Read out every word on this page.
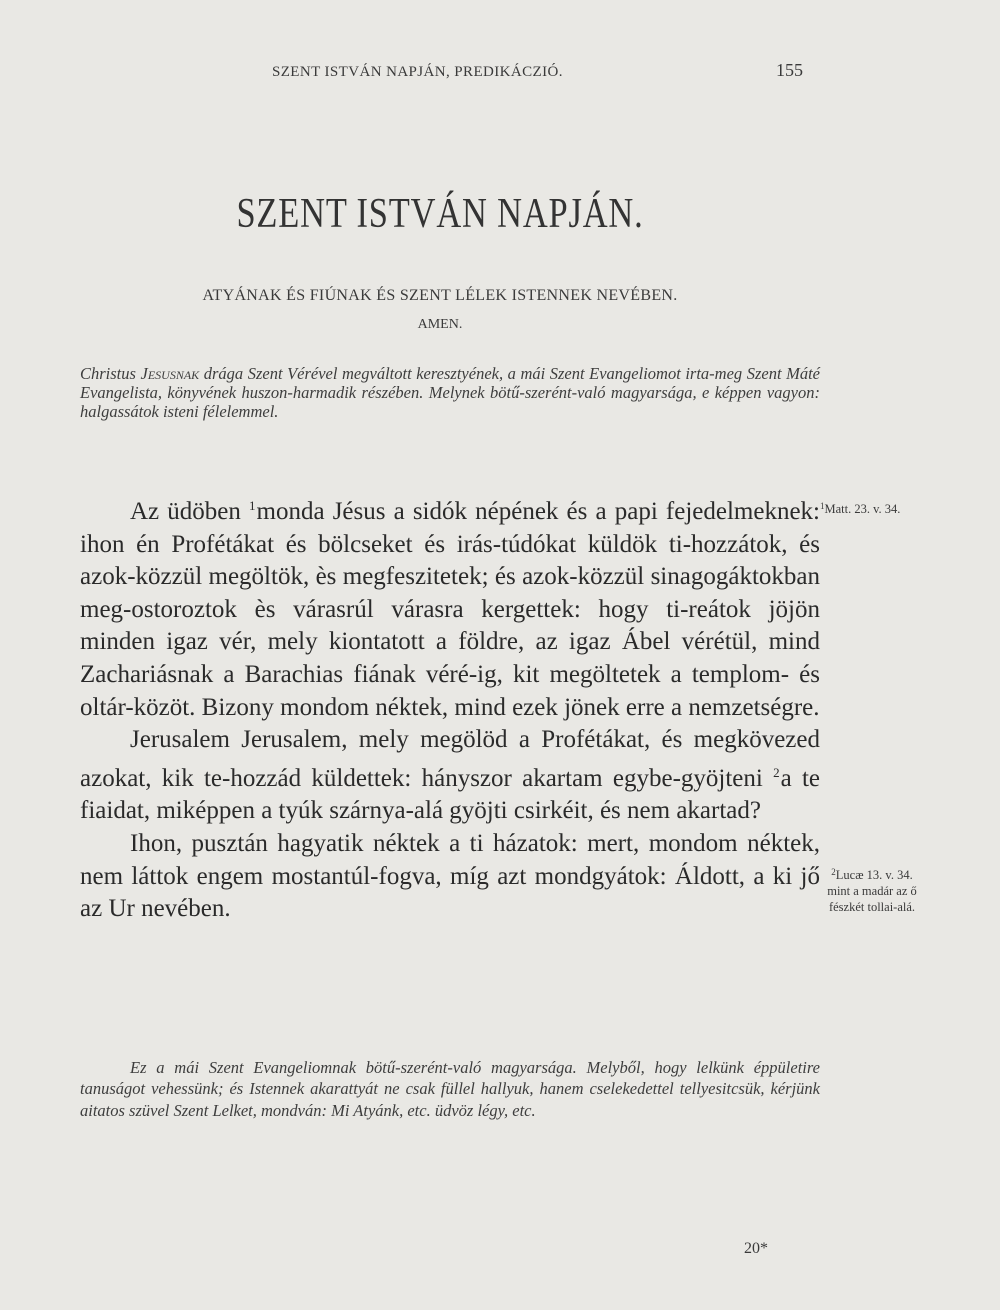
SZENT ISTVÁN NAPJÁN, PREDIKÁCZIÓ.	155
SZENT ISTVÁN NAPJÁN.
ATYÁNAK ÉS FIÚNAK ÉS SZENT LÉLEK ISTENNEK NEVÉBEN.
AMEN.
Christus Jesusnak drága Szent Vérével megváltott keresztyének, a mái Szent Evangeliomot irta-meg Szent Máté Evangelista, könyvének huszon-harmadik részében. Melynek bötű-szerént-való magyarsága, e képpen vagyon: halgassátok isteni félelemmel.

Az üdöben $^1$monda Jésus a sidók népének és a papi fejedelmeknek: ihon én Profétákat és bölcseket és irás-túdókat küldök ti-hozzátok, és azok-közzül megöltök, ès megfeszitetek; és azok-közzül sinagogáktokban meg-ostoroztok ès várasrúl várasra kergettek: hogy ti-reátok jöjön minden igaz vér, mely kiontatott a földre, az igaz Ábel vérétül, mind Zachariásnak a Barachias fiának véré-ig, kit megöltetek a templom- és oltár-közöt. Bizony mondom néktek, mind ezek jönek erre a nemzetségre.

Jerusalem Jerusalem, mely megölöd a Profétákat, és megkövezed azokat, kik te-hozzád küldettek: hányszor akartam egybe-gyöjteni $^2$a te fiaidat, miképpen a tyúk szárnya-alá gyöjti csirkéit, és nem akartad?

Ihon, pusztán hagyatik néktek a ti házatok: mert, mondom néktek, nem láttok engem mostantúl-fogva, míg azt mondgyátok: Áldott, a ki jő az Ur nevében.

Ez a mái Szent Evangeliomnak bötű-szerént-való magyarsága. Melyből, hogy lelkünk éppületire tanuságot vehessünk; és Istennek akarattyát ne csak füllel hallyuk, hanem cselekedettel tellyesitcsük, kérjünk aitatos szüvel Szent Lelket, mondván: Mi Atyánk, etc. üdvöz légy, etc.

$^1$Matt. 23. v. 34.
$^2$Lucæ 13. v. 34. mint a madár az ő fészkét tollai-alá.
20*
